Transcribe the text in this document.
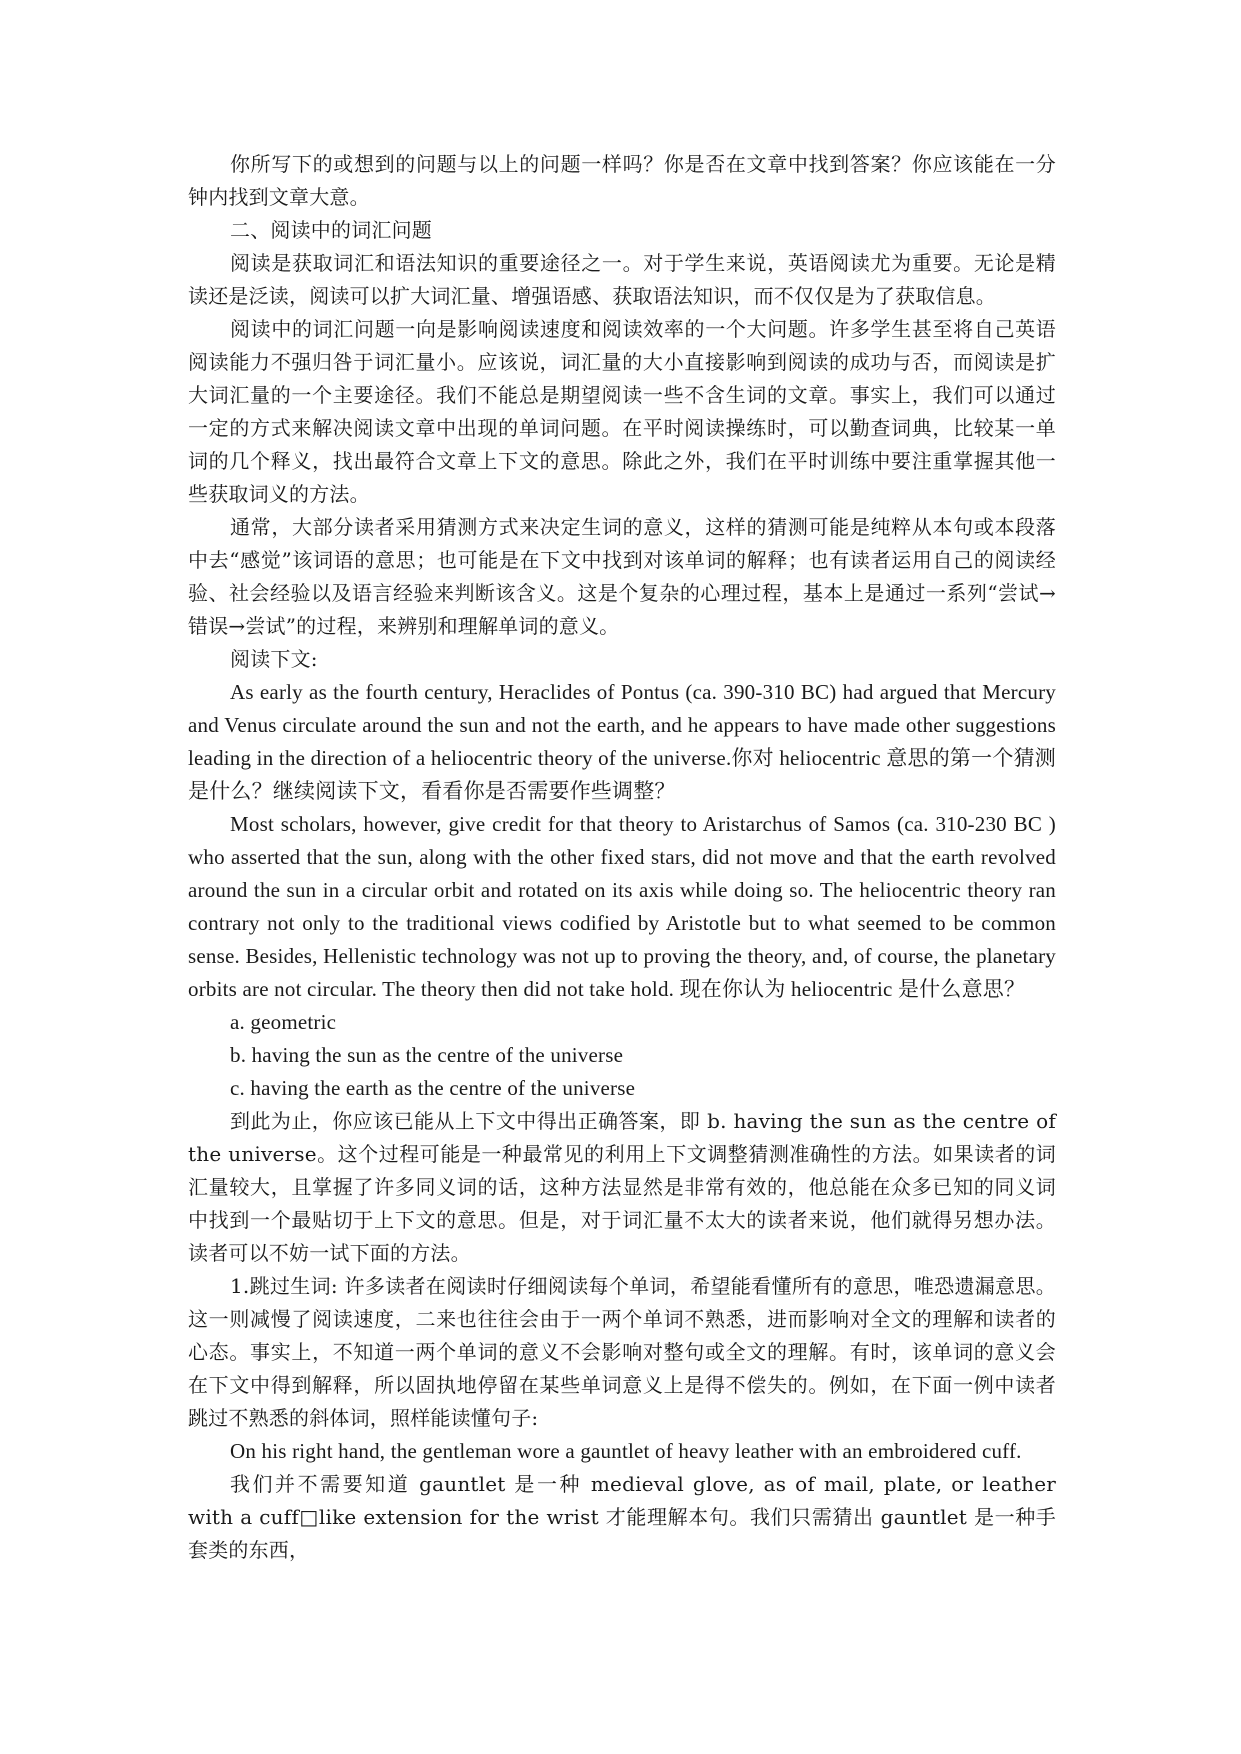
你所写下的或想到的问题与以上的问题一样吗？你是否在文章中找到答案？你应该能在一分钟内找到文章大意。

二、阅读中的词汇问题

阅读是获取词汇和语法知识的重要途径之一。对于学生来说，英语阅读尤为重要。无论是精读还是泛读，阅读可以扩大词汇量、增强语感、获取语法知识，而不仅仅是为了获取信息。

阅读中的词汇问题一向是影响阅读速度和阅读效率的一个大问题。许多学生甚至将自己英语阅读能力不强归咎于词汇量小。应该说，词汇量的大小直接影响到阅读的成功与否，而阅读是扩大词汇量的一个主要途径。我们不能总是期望阅读一些不含生词的文章。事实上，我们可以通过一定的方式来解决阅读文章中出现的单词问题。在平时阅读操练时，可以勤查词典，比较某一单词的几个释义，找出最符合文章上下文的意思。除此之外，我们在平时训练中要注重掌握其他一些获取词义的方法。

通常，大部分读者采用猜测方式来决定生词的意义，这样的猜测可能是纯粹从本句或本段落中去“感觉”该词语的意思；也可能是在下文中找到对该单词的解释；也有读者运用自己的阅读经验、社会经验以及语言经验来判断该含义。这是个复杂的心理过程，基本上是通过一系列“尝试→错误→尝试”的过程，来辨别和理解单词的意义。

阅读下文:

As early as the fourth century, Heraclides of Pontus (ca. 390-310 BC) had argued that Mercury and Venus circulate around the sun and not the earth, and he appears to have made other suggestions leading in the direction of a heliocentric theory of the universe.你对 heliocentric 意思的第一个猜测是什么？继续阅读下文，看看你是否需要作些调整？

Most scholars, however, give credit for that theory to Aristarchus of Samos (ca. 310-230 BC ) who asserted that the sun, along with the other fixed stars, did not move and that the earth revolved around the sun in a circular orbit and rotated on its axis while doing so. The heliocentric theory ran contrary not only to the traditional views codified by Aristotle but to what seemed to be common sense. Besides, Hellenistic technology was not up to proving the theory, and, of course, the planetary orbits are not circular. The theory then did not take hold. 现在你认为 heliocentric 是什么意思？

a. geometric

b. having the sun as the centre of the universe

c. having the earth as the centre of the universe

到此为止，你应该已能从上下文中得出正确答案，即 b. having the sun as the centre of the universe。这个过程可能是一种最常见的利用上下文调整猜测准确性的方法。如果读者的词汇量较大，且掌握了许多同义词的话，这种方法显然是非常有效的，他总能在众多已知的同义词中找到一个最贴切于上下文的意思。但是，对于词汇量不太大的读者来说，他们就得另想办法。读者可以不妨一试下面的方法。

1.跳过生词: 许多读者在阅读时仔细阅读每个单词，希望能看懂所有的意思，唯恐遗漏意思。这一则减慢了阅读速度，二来也往往会由于一两个单词不熟悉，进而影响对全文的理解和读者的心态。事实上，不知道一两个单词的意义不会影响对整句或全文的理解。有时，该单词的意义会在下文中得到解释，所以固执地停留在某些单词意义上是得不偿失的。例如，在下面一例中读者跳过不熟悉的斜体词，照样能读懂句子:

On his right hand, the gentleman wore a gauntlet of heavy leather with an embroidered cuff.

我们并不需要知道 gauntlet 是一种 medieval glove, as of mail, plate, or leather with a cuff□like extension for the wrist 才能理解本句。我们只需猜出 gauntlet 是一种手套类的东西，
